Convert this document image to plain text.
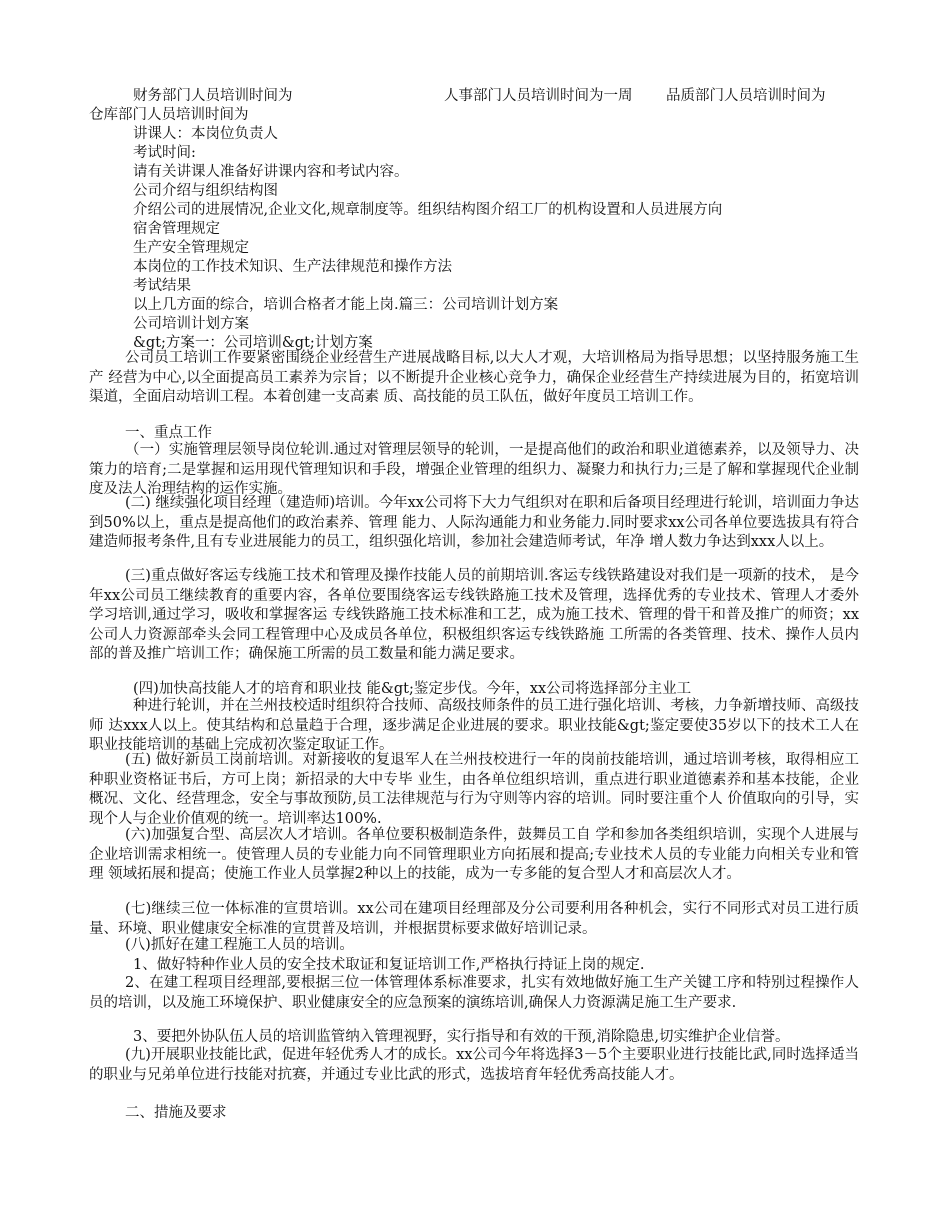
财务部门人员培训时间为	人事部门人员培训时间为一周 品质部门人员培训时间为
仓库部门人员培训时间为
讲课人：本岗位负责人
考试时间:
请有关讲课人准备好讲课内容和考试内容。
公司介绍与组织结构图
介绍公司的进展情况,企业文化,规章制度等。组织结构图介绍工厂的机构设置和人员进展方向
宿舍管理规定
生产安全管理规定
本岗位的工作技术知识、生产法律规范和操作方法
考试结果
以上几方面的综合，培训合格者才能上岗.篇三：公司培训计划方案
公司培训计划方案
&gt;方案一：公司培训&gt;计划方案
公司员工培训工作要紧密围绕企业经营生产进展战略目标,以大人才观，大培训格局为指导思想；以坚持服务施工生产 经营为中心,以全面提高员工素养为宗旨；以不断提升企业核心竞争力，确保企业经营生产持续进展为目的，拓宽培训渠道，全面启动培训工程。本着创建一支高素 质、高技能的员工队伍，做好年度员工培训工作。
一、重点工作
（一）实施管理层领导岗位轮训.通过对管理层领导的轮训，一是提高他们的政治和职业道德素养，以及领导力、决策力的培育;二是掌握和运用现代管理知识和手段，增强企业管理的组织力、凝聚力和执行力;三是了解和掌握现代企业制度及法人治理结构的运作实施。
(二) 继续强化项目经理（建造师)培训。今年xx公司将下大力气组织对在职和后备项目经理进行轮训，培训面力争达到50%以上，重点是提高他们的政治素养、管理 能力、人际沟通能力和业务能力.同时要求xx公司各单位要选拔具有符合建造师报考条件,且有专业进展能力的员工，组织强化培训，参加社会建造师考试，年净 增人数力争达到xxx人以上。
(三)重点做好客运专线施工技术和管理及操作技能人员的前期培训.客运专线铁路建设对我们是一项新的技术， 是今年xx公司员工继续教育的重要内容，各单位要围绕客运专线铁路施工技术及管理，选择优秀的专业技术、管理人才委外学习培训,通过学习，吸收和掌握客运 专线铁路施工技术标准和工艺，成为施工技术、管理的骨干和普及推广的师资；xx公司人力资源部牵头会同工程管理中心及成员各单位，积极组织客运专线铁路施 工所需的各类管理、技术、操作人员内部的普及推广培训工作；确保施工所需的员工数量和能力满足要求。
(四)加快高技能人才的培育和职业技 能&gt;鉴定步伐。今年，xx公司将选择部分主业工
种进行轮训，并在兰州技校适时组织符合技师、高级技师条件的员工进行强化培训、考核，力争新增技师、高级技师 达xxx人以上。使其结构和总量趋于合理，逐步满足企业进展的要求。职业技能&gt;鉴定要使35岁以下的技术工人在职业技能培训的基础上完成初次鉴定取证工作。
(五) 做好新员工岗前培训。对新接收的复退军人在兰州技校进行一年的岗前技能培训，通过培训考核，取得相应工种职业资格证书后，方可上岗；新招录的大中专毕 业生，由各单位组织培训，重点进行职业道德素养和基本技能，企业概况、文化、经营理念，安全与事故预防,员工法律规范与行为守则等内容的培训。同时要注重个人 价值取向的引导，实现个人与企业价值观的统一。培训率达100%.
(六)加强复合型、高层次人才培训。各单位要积极制造条件，鼓舞员工自 学和参加各类组织培训，实现个人进展与企业培训需求相统一。使管理人员的专业能力向不同管理职业方向拓展和提高;专业技术人员的专业能力向相关专业和管理 领域拓展和提高；使施工作业人员掌握2种以上的技能，成为一专多能的复合型人才和高层次人才。
(七)继续三位一体标准的宣贯培训。xx公司在建项目经理部及分公司要利用各种机会，实行不同形式对员工进行质量、环境、职业健康安全标准的宣贯普及培训，并根据贯标要求做好培训记录。
(八)抓好在建工程施工人员的培训。
1、做好特种作业人员的安全技术取证和复证培训工作,严格执行持证上岗的规定.
2、在建工程项目经理部,要根据三位一体管理体系标准要求，扎实有效地做好施工生产关键工序和特别过程操作人员的培训，以及施工环境保护、职业健康安全的应急预案的演练培训,确保人力资源满足施工生产要求.
3、要把外协队伍人员的培训监管纳入管理视野，实行指导和有效的干预,消除隐患,切实维护企业信誉。
(九)开展职业技能比武，促进年轻优秀人才的成长。xx公司今年将选择3－5个主要职业进行技能比武,同时选择适当的职业与兄弟单位进行技能对抗赛，并通过专业比武的形式，选拔培育年轻优秀高技能人才。
二、措施及要求
